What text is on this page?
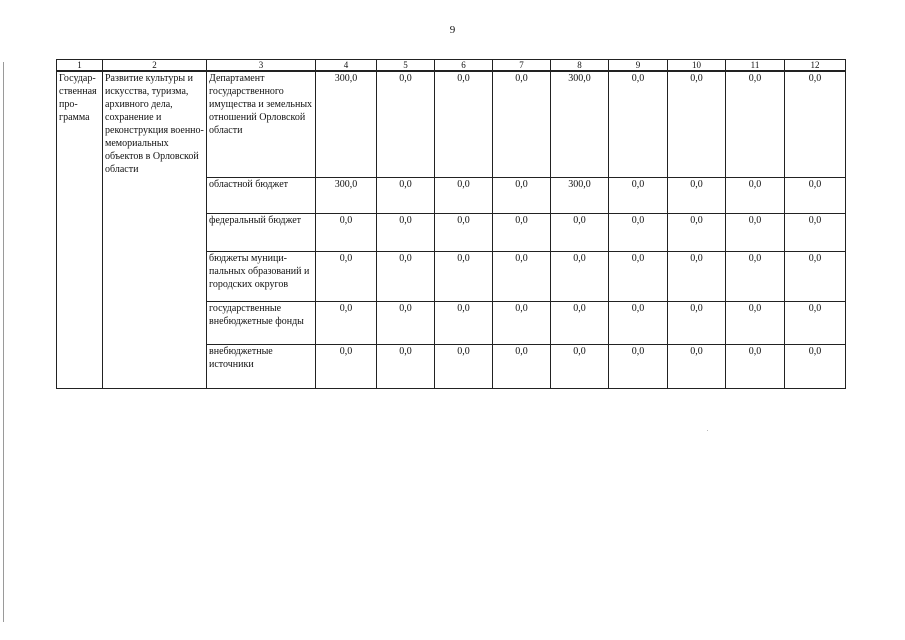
9
1	2	3	4	5	6	7	8	9	10	11	12
Государ-ственная про-грамма	Развитие культуры и искусства, туризма, архивного дела, сохранение и реконструкция военно-мемориальных объектов в Орловской области	Департамент государственного имущества и земельных отношений Орловской области	300,0	0,0	0,0	0,0	300,0	0,0	0,0	0,0	0,0
		областной бюджет	300,0	0,0	0,0	0,0	300,0	0,0	0,0	0,0	0,0
		федеральный бюджет	0,0	0,0	0,0	0,0	0,0	0,0	0,0	0,0	0,0
		бюджеты муници-пальных образований и городских округов	0,0	0,0	0,0	0,0	0,0	0,0	0,0	0,0	0,0
		государственные внебюджетные фонды	0,0	0,0	0,0	0,0	0,0	0,0	0,0	0,0	0,0
		внебюджетные источники	0,0	0,0	0,0	0,0	0,0	0,0	0,0	0,0	0,0
